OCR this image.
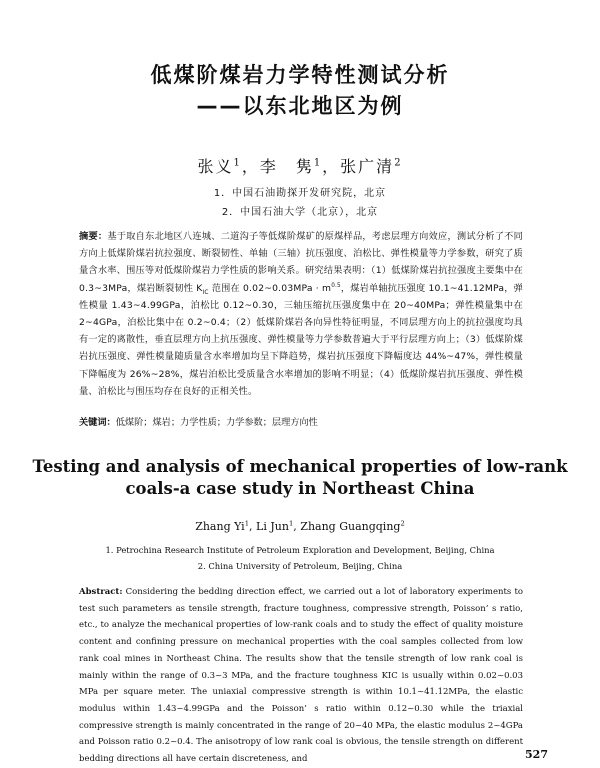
低煤阶煤岩力学特性测试分析
——以东北地区为例
张义$^1$，李　隽$^1$，张广清$^2$
1．中国石油勘探开发研究院，北京
2．中国石油大学（北京），北京
摘要：基于取自东北地区八连城、二道沟子等低煤阶煤矿的原煤样品，考虑层理方向效应，测试分析了不同方向上低煤阶煤岩抗拉强度、断裂韧性、单轴（三轴）抗压强度、泊松比、弹性模量等力学参数，研究了质量含水率、围压等对低煤阶煤岩力学性质的影响关系。研究结果表明：（1）低煤阶煤岩抗拉强度主要集中在 0.3~3MPa，煤岩断裂韧性 $K_{IC}$ 范围在 0.02~0.03MPa · $m^{0.5}$，煤岩单轴抗压强度 10.1~41.12MPa，弹性模量 1.43~4.99GPa，泊松比 0.12~0.30，三轴压缩抗压强度集中在 20~40MPa；弹性模量集中在 2~4GPa，泊松比集中在 0.2~0.4；（2）低煤阶煤岩各向异性特征明显，不同层理方向上的抗拉强度均具有一定的离散性，垂直层理方向上抗压强度、弹性模量等力学参数普遍大于平行层理方向上；（3）低煤阶煤岩抗压强度、弹性模量随质量含水率增加均呈下降趋势，煤岩抗压强度下降幅度达 44%~47%，弹性模量下降幅度为 26%~28%，煤岩泊松比受质量含水率增加的影响不明显；（4）低煤阶煤岩抗压强度、弹性模量、泊松比与围压均存在良好的正相关性。
关键词：低煤阶；煤岩；力学性质；力学参数；层理方向性
Testing and analysis of mechanical properties of low-rank
coals-a case study in Northeast China
Zhang Yi$^1$, Li Jun$^1$, Zhang Guangqing$^2$
1. Petrochina Research Institute of Petroleum Exploration and Development, Beijing, China
2. China University of Petroleum, Beijing, China
Abstract: Considering the bedding direction effect, we carried out a lot of laboratory experiments to test such parameters as tensile strength, fracture toughness, compressive strength, Poisson’ s ratio, etc., to analyze the mechanical properties of low-rank coals and to study the effect of quality moisture content and confining pressure on mechanical properties with the coal samples collected from low rank coal mines in Northeast China. The results show that the tensile strength of low rank coal is mainly within the range of 0.3~3 MPa, and the fracture toughness KIC is usually within 0.02~0.03 MPa per square meter. The uniaxial compressive strength is within 10.1~41.12MPa, the elastic modulus within 1.43~4.99GPa and the Poisson’ s ratio within 0.12~0.30 while the triaxial compressive strength is mainly concentrated in the range of 20~40 MPa, the elastic modulus 2~4GPa and Poisson ratio 0.2~0.4. The anisotropy of low rank coal is obvious, the tensile strength on different bedding directions all have certain discreteness, and	527
